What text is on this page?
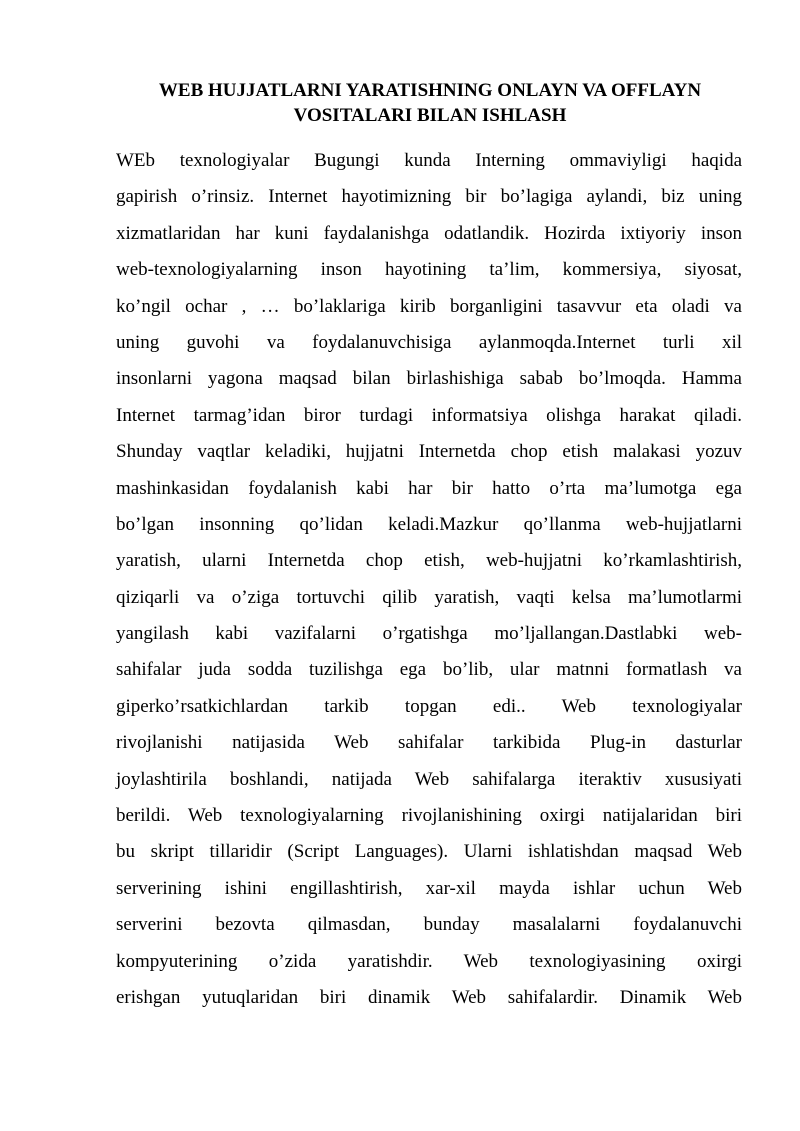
WEB HUJJATLARNI YARATISHNING ONLAYN VA OFFLAYN
VOSITALARI BILAN ISHLASH
WEb texnologiyalar Bugungi kunda Interning ommaviyligi haqida
gapirish o’rinsiz. Internet hayotimizning bir bo’lagiga aylandi, biz uning
xizmatlaridan har kuni faydalanishga odatlandik. Hozirda ixtiyoriy inson
web-texnologiyalarning inson hayotining ta’lim, kommersiya, siyosat,
ko’ngil ochar , … bo’laklariga kirib borganligini tasavvur eta oladi va
uning guvohi va foydalanuvchisiga aylanmoqda.Internet turli xil
insonlarni yagona maqsad bilan birlashishiga sabab bo’lmoqda. Hamma
Internet tarmag’idan biror turdagi informatsiya olishga harakat qiladi.
Shunday vaqtlar keladiki, hujjatni Internetda chop etish malakasi yozuv
mashinkasidan foydalanish kabi har bir hatto o’rta ma’lumotga ega
bo’lgan insonning qo’lidan keladi.Mazkur qo’llanma web-hujjatlarni
yaratish, ularni Internetda chop etish, web-hujjatni ko’rkamlashtirish,
qiziqarli va o’ziga tortuvchi qilib yaratish, vaqti kelsa ma’lumotlarmi
yangilash kabi vazifalarni o’rgatishga mo’ljallangan.Dastlabki web-
sahifalar juda sodda tuzilishga ega bo’lib, ular matnni formatlash va
giperko’rsatkichlardan tarkib topgan edi.. Web texnologiyalar
rivojlanishi natijasida Web sahifalar tarkibida Plug-in dasturlar
joylashtirila boshlandi, natijada Web sahifalarga iteraktiv xususiyati
berildi. Web texnologiyalarning rivojlanishining oxirgi natijalaridan biri
bu skript tillaridir (Script Languages). Ularni ishlatishdan maqsad Web
serverining ishini engillashtirish, xar-xil mayda ishlar uchun Web
serverini bezovta qilmasdan, bunday masalalarni foydalanuvchi
kompyuterining o’zida yaratishdir. Web texnologiyasining oxirgi
erishgan yutuqlaridan biri dinamik Web sahifalardir. Dinamik Web
